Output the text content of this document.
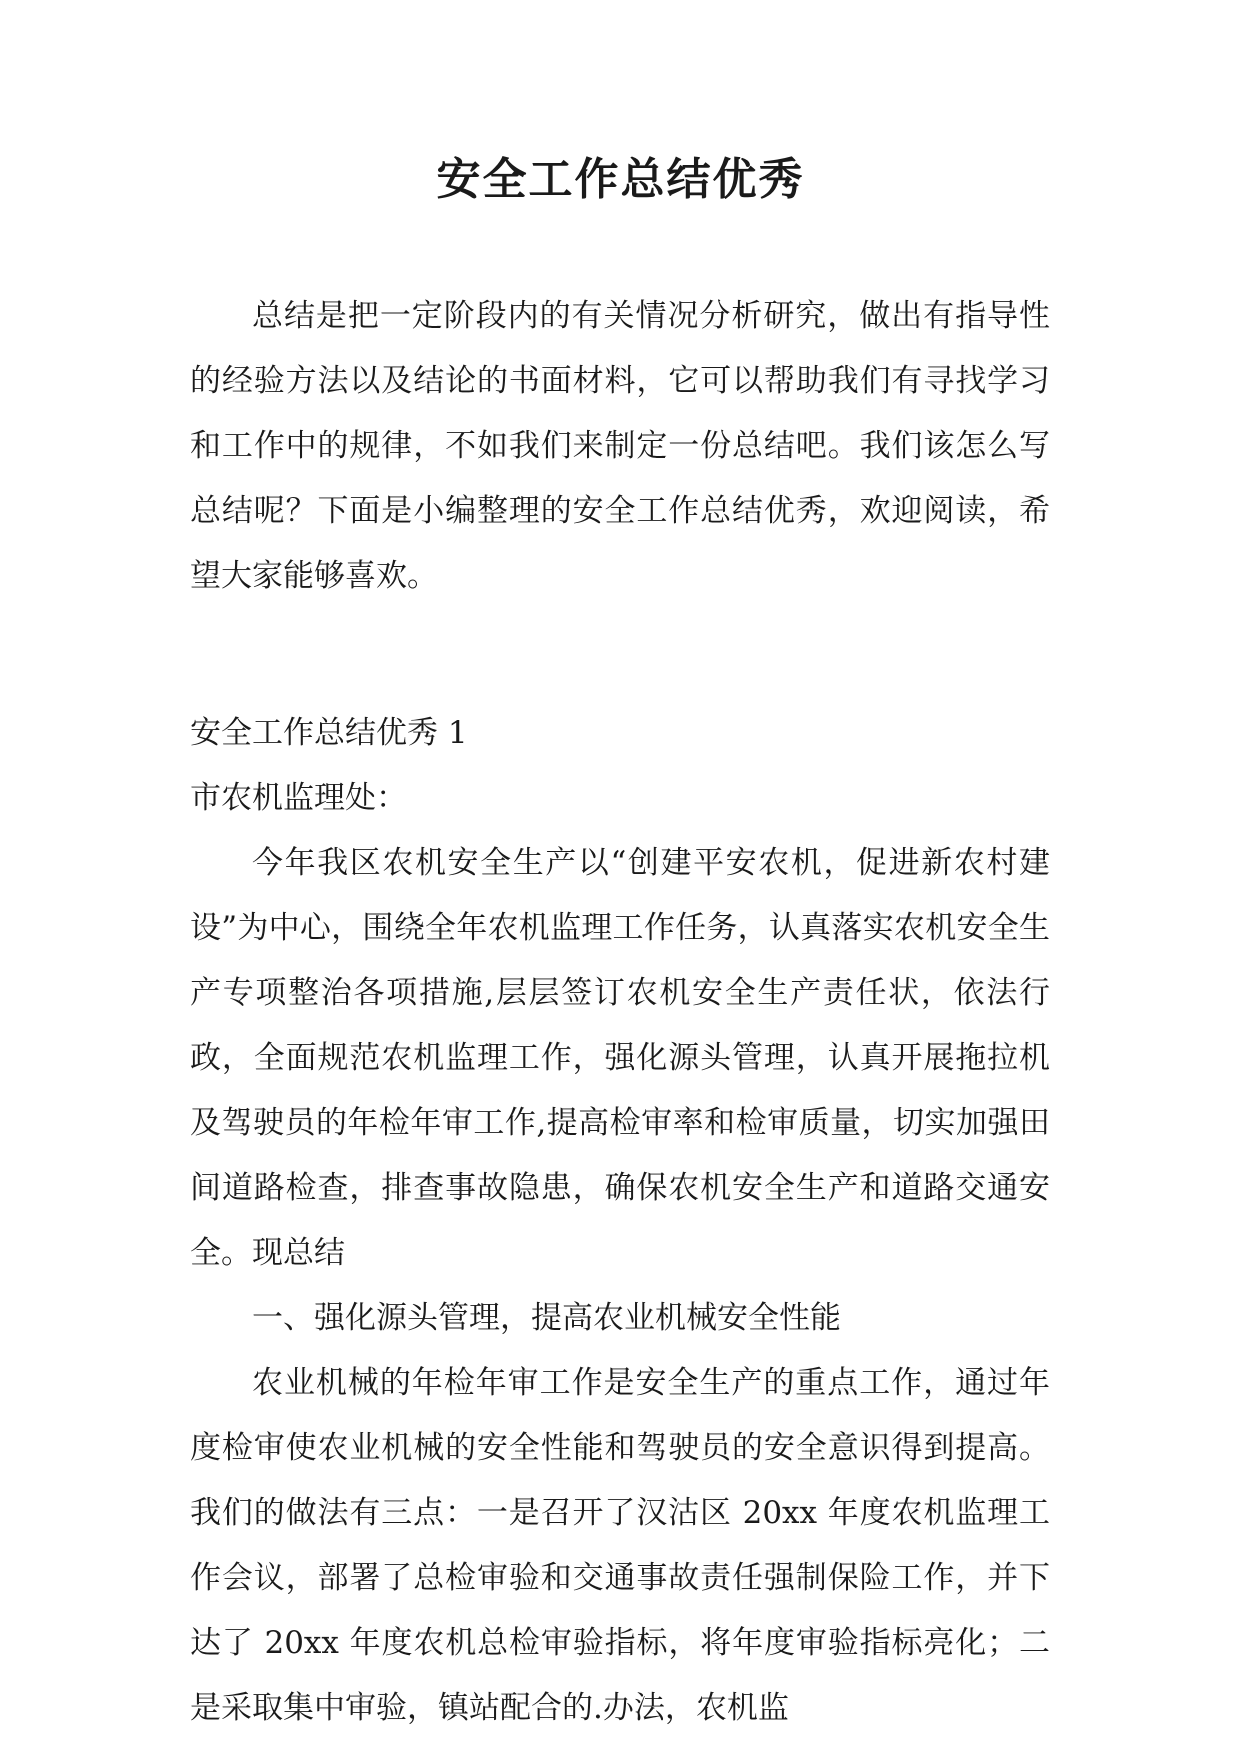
安全工作总结优秀

总结是把一定阶段内的有关情况分析研究，做出有指导性的经验方法以及结论的书面材料，它可以帮助我们有寻找学习和工作中的规律，不如我们来制定一份总结吧。我们该怎么写总结呢？下面是小编整理的安全工作总结优秀，欢迎阅读，希望大家能够喜欢。

安全工作总结优秀 1

市农机监理处：

今年我区农机安全生产以“创建平安农机，促进新农村建设”为中心，围绕全年农机监理工作任务，认真落实农机安全生产专项整治各项措施,层层签订农机安全生产责任状，依法行政，全面规范农机监理工作，强化源头管理，认真开展拖拉机及驾驶员的年检年审工作,提高检审率和检审质量，切实加强田间道路检查，排查事故隐患，确保农机安全生产和道路交通安全。现总结

一、强化源头管理，提高农业机械安全性能

农业机械的年检年审工作是安全生产的重点工作，通过年度检审使农业机械的安全性能和驾驶员的安全意识得到提高。我们的做法有三点：一是召开了汉沽区 20xx 年度农机监理工作会议，部署了总检审验和交通事故责任强制保险工作，并下达了 20xx 年度农机总检审验指标，将年度审验指标亮化；二是采取集中审验，镇站配合的.办法，农机监
